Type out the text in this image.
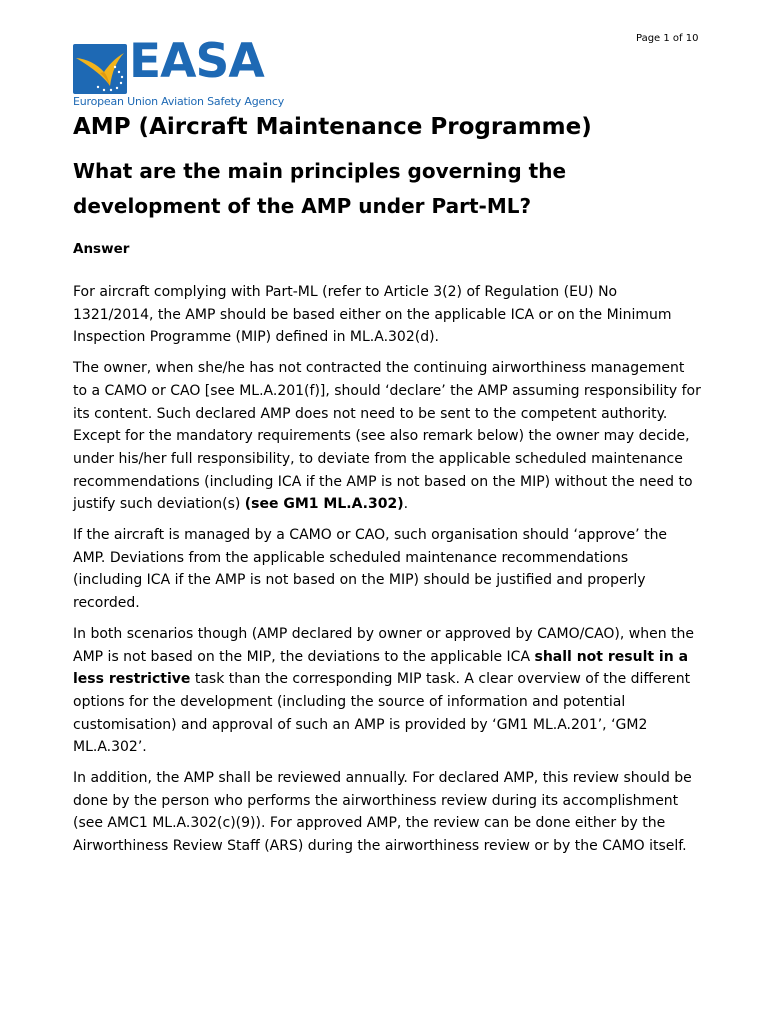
Page 1 of 10
EASA
European Union Aviation Safety Agency
AMP (Aircraft Maintenance Programme)
What are the main principles governing the development of the AMP under Part-ML?
Answer

For aircraft complying with Part-ML (refer to Article 3(2) of Regulation (EU) No 1321/2014, the AMP should be based either on the applicable ICA or on the Minimum Inspection Programme (MIP) defined in ML.A.302(d).

The owner, when she/he has not contracted the continuing airworthiness management to a CAMO or CAO [see ML.A.201(f)], should ‘declare’ the AMP assuming responsibility for its content. Such declared AMP does not need to be sent to the competent authority. Except for the mandatory requirements (see also remark below) the owner may decide, under his/her full responsibility, to deviate from the applicable scheduled maintenance recommendations (including ICA if the AMP is not based on the MIP) without the need to justify such deviation(s) (see GM1 ML.A.302).

If the aircraft is managed by a CAMO or CAO, such organisation should ‘approve’ the AMP. Deviations from the applicable scheduled maintenance recommendations (including ICA if the AMP is not based on the MIP) should be justified and properly recorded.

In both scenarios though (AMP declared by owner or approved by CAMO/CAO), when the AMP is not based on the MIP, the deviations to the applicable ICA shall not result in a less restrictive task than the corresponding MIP task. A clear overview of the different options for the development (including the source of information and potential customisation) and approval of such an AMP is provided by ‘GM1 ML.A.201’, ‘GM2 ML.A.302’.

In addition, the AMP shall be reviewed annually. For declared AMP, this review should be done by the person who performs the airworthiness review during its accomplishment (see AMC1 ML.A.302(c)(9)). For approved AMP, the review can be done either by the Airworthiness Review Staff (ARS) during the airworthiness review or by the CAMO itself.
